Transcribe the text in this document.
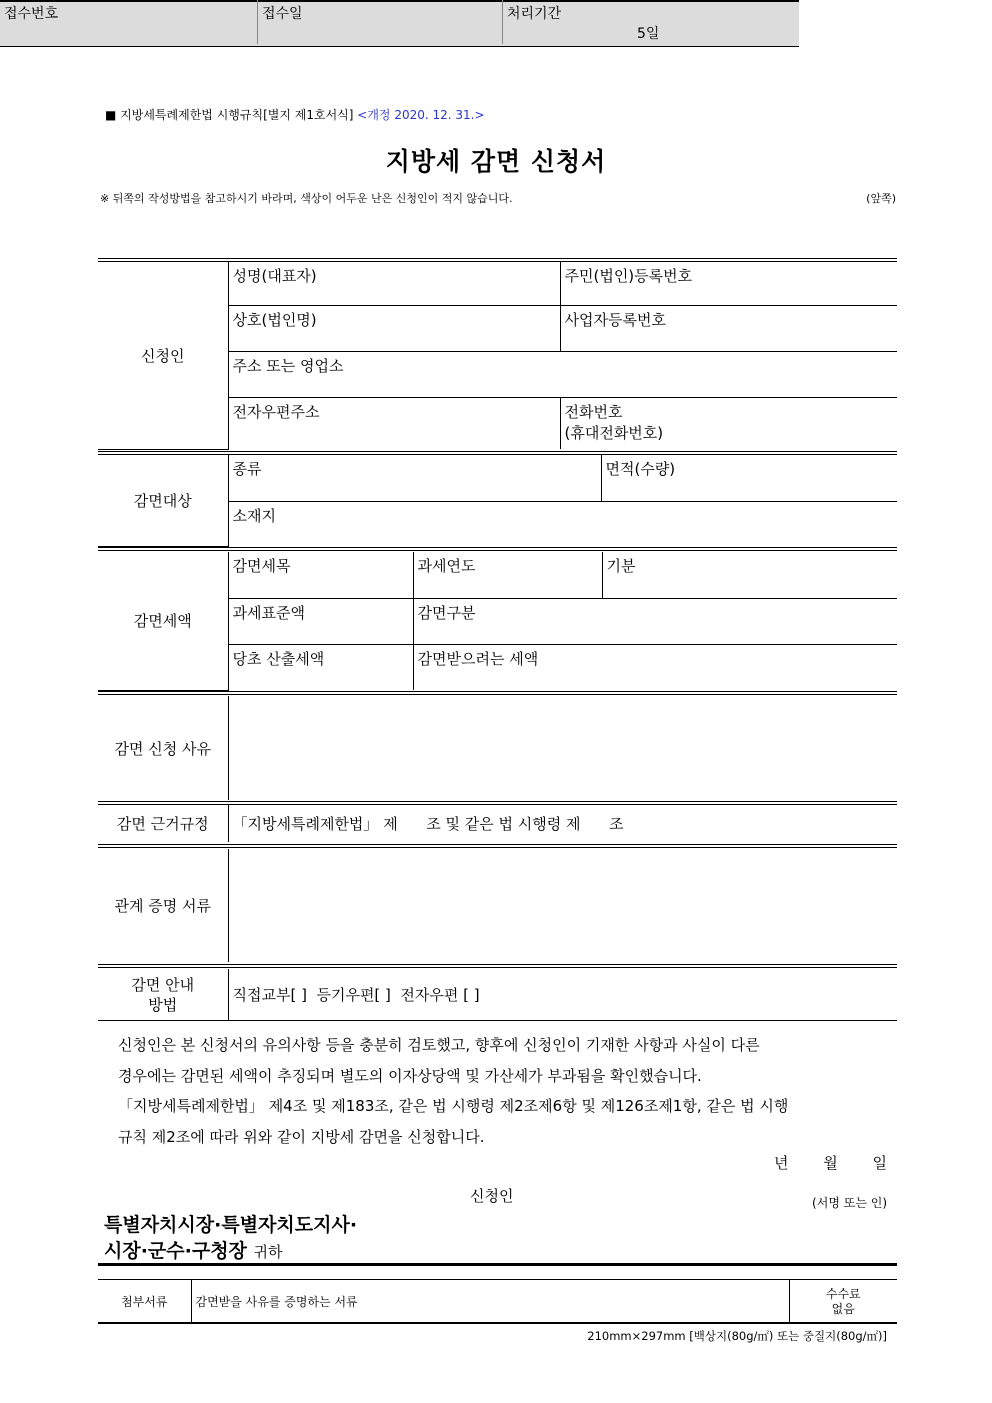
■ 지방세특례제한법 시행규칙[별지 제1호서식] <개정 2020. 12. 31.>
지방세 감면 신청서
※ 뒤쪽의 작성방법을 참고하시기 바라며, 색상이 어두운 난은 신청인이 적지 않습니다.	(앞쪽)
접수번호	접수일	처리기간
5일
신청인	성명(대표자)	주민(법인)등록번호
	상호(법인명)	사업자등록번호
	주소 또는 영업소	
	전자우편주소	전화번호
(휴대전화번호)
감면대상	종류	면적(수량)
소재지
감면세액	감면세목	과세연도	기분
	과세표준액	감면구분	
	당초 산출세액	감면받으려는 세액	
감면 신청 사유	
감면 근거규정	「지방세특례제한법」 제      조 및 같은 법 시행령 제      조
관계 증명 서류	
감면 안내
방법
	직접교부[ ]  등기우편[ ]  전자우편 [ ]

신청인은 본 신청서의 유의사항 등을 충분히 검토했고, 향후에 신청인이 기재한 사항과 사실이 다른

경우에는 감면된 세액이 추징되며 별도의 이자상당액 및 가산세가 부과됨을 확인했습니다.

「지방세특례제한법」 제4조 및 제183조, 같은 법 시행령 제2조제6항 및 제126조제1항, 같은 법 시행

규칙 제2조에 따라 위와 같이 지방세 감면을 신청합니다.

년 월 일
신청인	(서명 또는 인)
특별자치시장·특별자치도지사·
시장·군수·구청장 귀하
첨부서류	감면받을 사유를 증명하는 서류	
수수료
없음
210mm×297mm [백상지(80g/㎡) 또는 중질지(80g/㎡)]
